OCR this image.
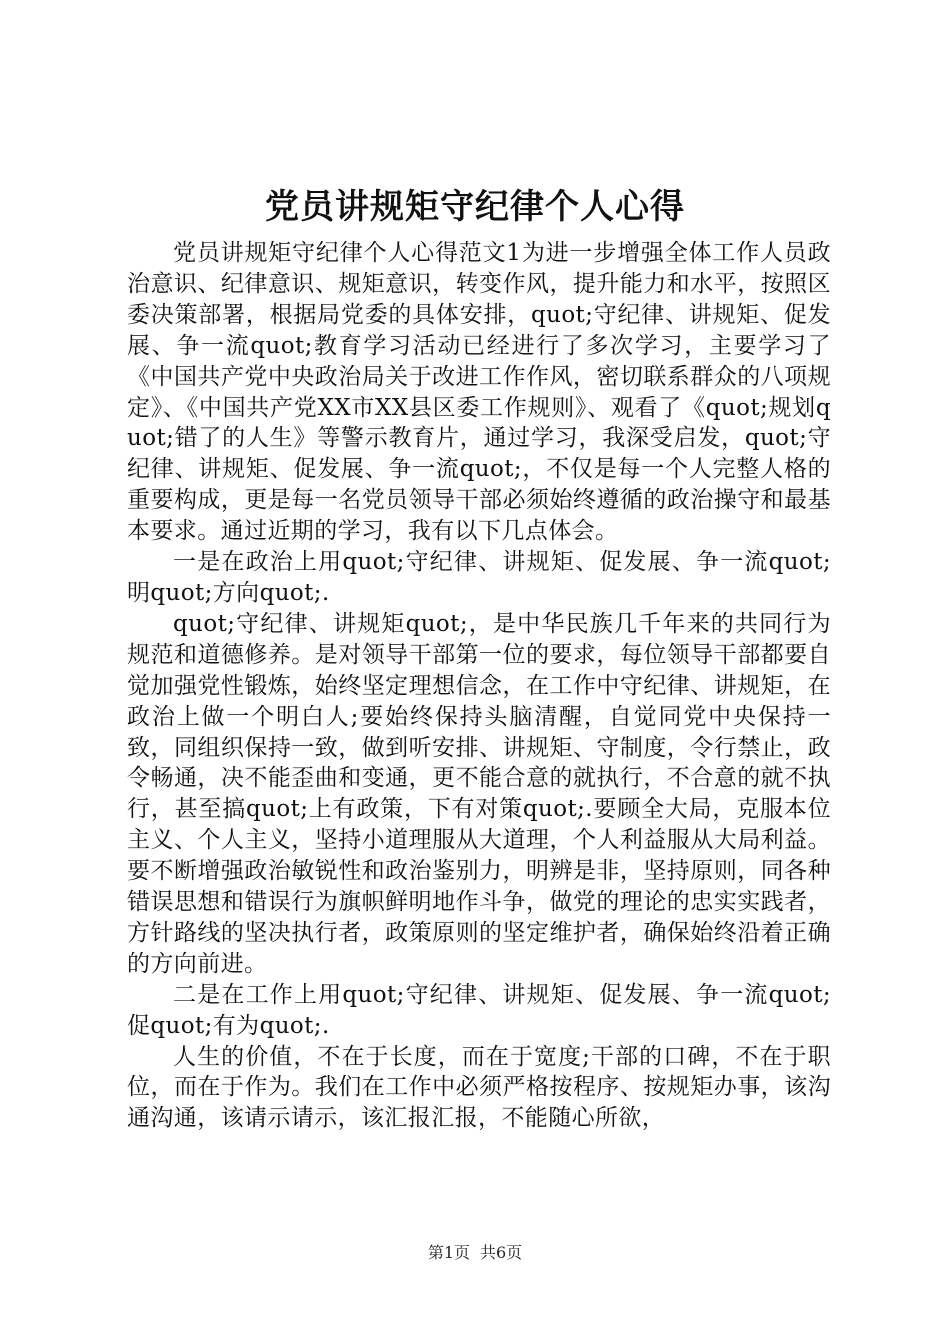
党员讲规矩守纪律个人心得

党员讲规矩守纪律个人心得范文1为进一步增强全体工作人员政治意识、纪律意识、规矩意识，转变作风，提升能力和水平，按照区委决策部署，根据局党委的具体安排，quot;守纪律、讲规矩、促发展、争一流quot;教育学习活动已经进行了多次学习，主要学习了《中国共产党中央政治局关于改进工作作风，密切联系群众的八项规定》、《中国共产党XX市XX县区委工作规则》、观看了《quot;规划quot;错了的人生》等警示教育片，通过学习，我深受启发，quot;守纪律、讲规矩、促发展、争一流quot;，不仅是每一个人完整人格的重要构成，更是每一名党员领导干部必须始终遵循的政治操守和最基本要求。通过近期的学习，我有以下几点体会。

一是在政治上用quot;守纪律、讲规矩、促发展、争一流quot;明quot;方向quot;.

quot;守纪律、讲规矩quot;，是中华民族几千年来的共同行为规范和道德修养。是对领导干部第一位的要求，每位领导干部都要自觉加强党性锻炼，始终坚定理想信念，在工作中守纪律、讲规矩，在政治上做一个明白人;要始终保持头脑清醒，自觉同党中央保持一致，同组织保持一致，做到听安排、讲规矩、守制度，令行禁止，政令畅通，决不能歪曲和变通，更不能合意的就执行，不合意的就不执行，甚至搞quot;上有政策，下有对策quot;.要顾全大局，克服本位主义、个人主义，坚持小道理服从大道理，个人利益服从大局利益。要不断增强政治敏锐性和政治鉴别力，明辨是非，坚持原则，同各种错误思想和错误行为旗帜鲜明地作斗争，做党的理论的忠实实践者，方针路线的坚决执行者，政策原则的坚定维护者，确保始终沿着正确的方向前进。

二是在工作上用quot;守纪律、讲规矩、促发展、争一流quot;促quot;有为quot;.

人生的价值，不在于长度，而在于宽度;干部的口碑，不在于职位，而在于作为。我们在工作中必须严格按程序、按规矩办事，该沟通沟通，该请示请示，该汇报汇报，不能随心所欲，

第1页 共6页
